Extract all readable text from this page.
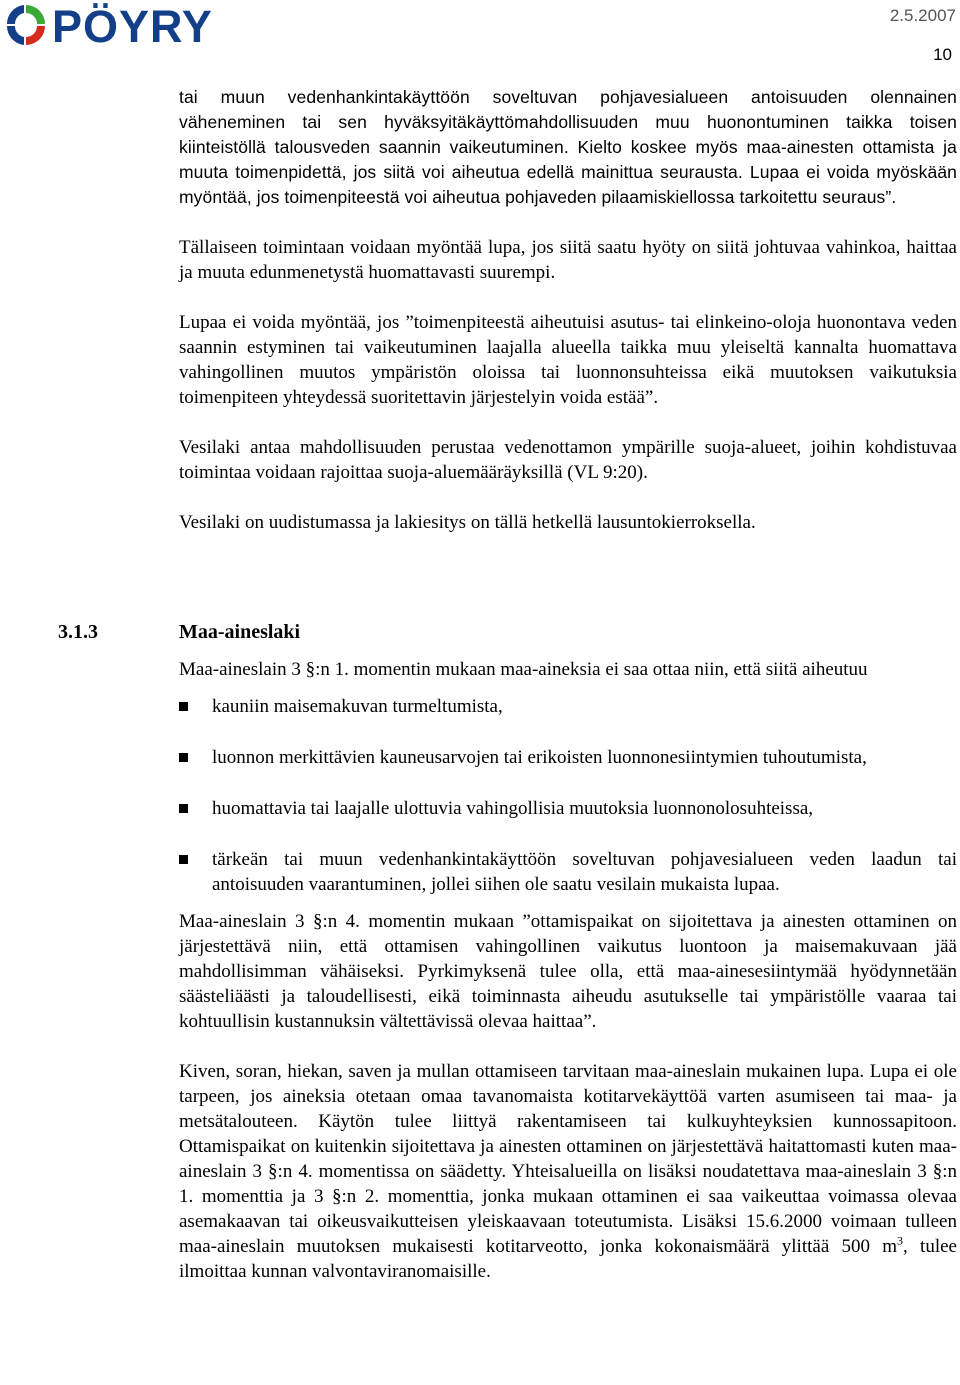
PÖYRY	2.5.2007
10

tai muun vedenhankintakäyttöön soveltuvan pohjavesialueen antoisuuden olennainen väheneminen tai sen hyväksyitäkäyttömahdollisuuden muu huonontuminen taikka toisen kiinteistöllä talousveden saannin vaikeutuminen. Kielto koskee myös maa-ainesten ottamista ja muuta toimenpidettä, jos siitä voi aiheutua edellä mainittua seurausta. Lupaa ei voida myöskään myöntää, jos toimenpiteestä voi aiheutua pohjaveden pilaamiskiellossa tarkoitettu seuraus”.

Tällaiseen toimintaan voidaan myöntää lupa, jos siitä saatu hyöty on siitä johtuvaa vahinkoa, haittaa ja muuta edunmenetystä huomattavasti suurempi.

Lupaa ei voida myöntää, jos ”toimenpiteestä aiheutuisi asutus- tai elinkeino-oloja huonontava veden saannin estyminen tai vaikeutuminen laajalla alueella taikka muu yleiseltä kannalta huomattava vahingollinen muutos ympäristön oloissa tai luonnonsuhteissa eikä muutoksen vaikutuksia toimenpiteen yhteydessä suoritettavin järjestelyin voida estää”.

Vesilaki antaa mahdollisuuden perustaa vedenottamon ympärille suoja-alueet, joihin kohdistuvaa toimintaa voidaan rajoittaa suoja-aluemääräyksillä (VL 9:20).

Vesilaki on uudistumassa ja lakiesitys on tällä hetkellä lausuntokierroksella.

3.1.3	Maa-aineslaki

Maa-aineslain 3 §:n 1. momentin mukaan maa-aineksia ei saa ottaa niin, että siitä aiheutuu

kauniin maisemakuvan turmeltumista,
luonnon merkittävien kauneusarvojen tai erikoisten luonnonesiintymien tuhoutumista,
huomattavia tai laajalle ulottuvia vahingollisia muutoksia luonnonolosuhteissa,
tärkeän tai muun vedenhankintakäyttöön soveltuvan pohjavesialueen veden laadun tai antoisuuden vaarantuminen, jollei siihen ole saatu vesilain mukaista lupaa.

Maa-aineslain 3 §:n 4. momentin mukaan ”ottamispaikat on sijoitettava ja ainesten ottaminen on järjestettävä niin, että ottamisen vahingollinen vaikutus luontoon ja maisemakuvaan jää mahdollisimman vähäiseksi. Pyrkimyksenä tulee olla, että maa-ainesesiintymää hyödynnetään säästeliäästi ja taloudellisesti, eikä toiminnasta aiheudu asutukselle tai ympäristölle vaaraa tai kohtuullisin kustannuksin vältettävissä olevaa haittaa”.

Kiven, soran, hiekan, saven ja mullan ottamiseen tarvitaan maa-aineslain mukainen lupa. Lupa ei ole tarpeen, jos aineksia otetaan omaa tavanomaista kotitarvekäyttöä varten asumiseen tai maa- ja metsätalouteen. Käytön tulee liittyä rakentamiseen tai kulkuyhteyksien kunnossapitoon. Ottamispaikat on kuitenkin sijoitettava ja ainesten ottaminen on järjestettävä haitattomasti kuten maa-aineslain 3 §:n 4. momentissa on säädetty. Yhteisalueilla on lisäksi noudatettava maa-aineslain 3 §:n 1. momenttia ja 3 §:n 2. momenttia, jonka mukaan ottaminen ei saa vaikeuttaa voimassa olevaa asemakaavan tai oikeusvaikutteisen yleiskaavaan toteutumista. Lisäksi 15.6.2000 voimaan tulleen maa-aineslain muutoksen mukaisesti kotitarveotto, jonka kokonaismäärä ylittää 500 $m^3$, tulee ilmoittaa kunnan valvontaviranomaisille.
